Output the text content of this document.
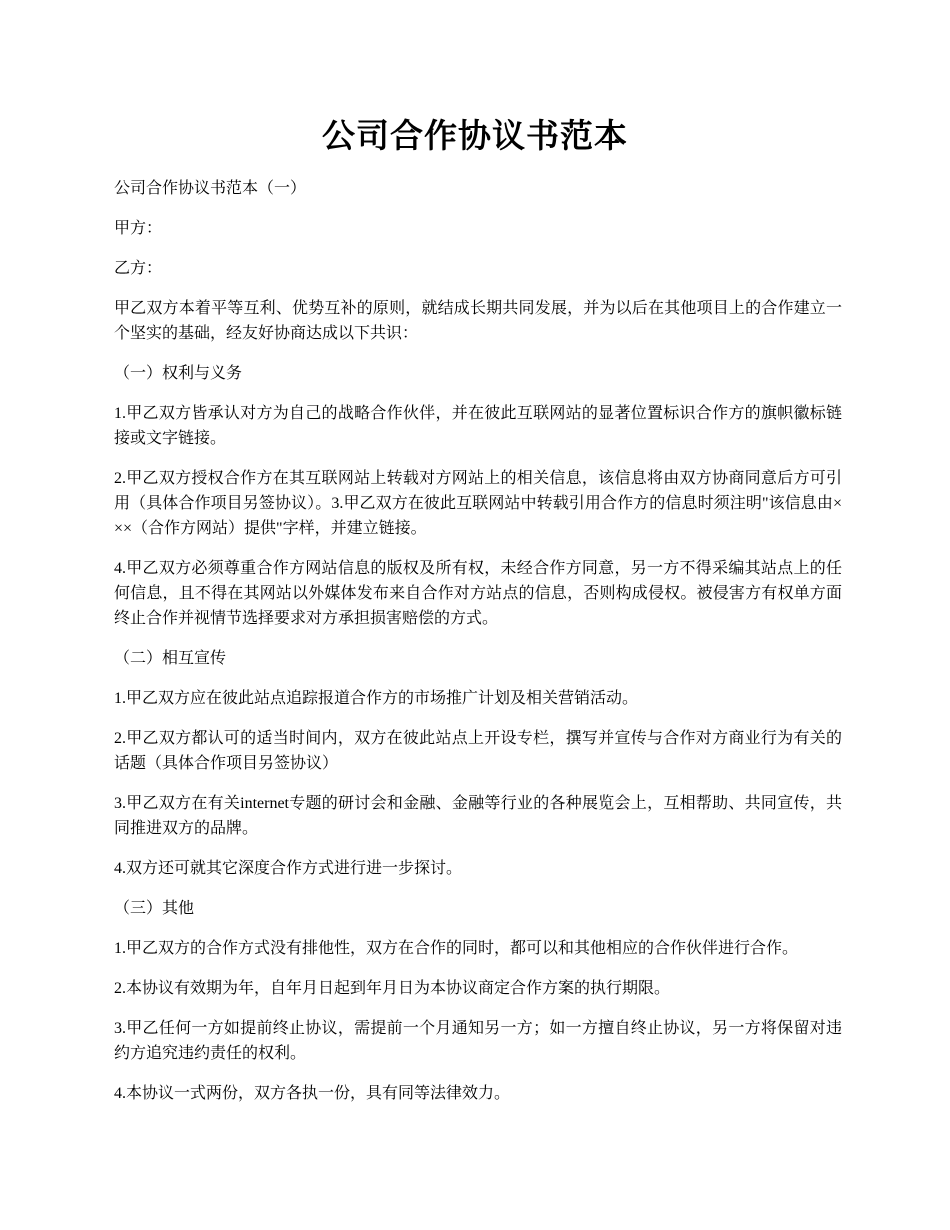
公司合作协议书范本

公司合作协议书范本（一）

甲方：

乙方：

甲乙双方本着平等互利、优势互补的原则，就结成长期共同发展，并为以后在其他项目上的合作建立一个坚实的基础，经友好协商达成以下共识：

（一）权利与义务

1.甲乙双方皆承认对方为自己的战略合作伙伴，并在彼此互联网站的显著位置标识合作方的旗帜徽标链接或文字链接。

2.甲乙双方授权合作方在其互联网站上转载对方网站上的相关信息，该信息将由双方协商同意后方可引用（具体合作项目另签协议）。3.甲乙双方在彼此互联网站中转载引用合作方的信息时须注明"该信息由×××（合作方网站）提供"字样，并建立链接。

4.甲乙双方必须尊重合作方网站信息的版权及所有权，未经合作方同意，另一方不得采编其站点上的任何信息，且不得在其网站以外媒体发布来自合作对方站点的信息，否则构成侵权。被侵害方有权单方面终止合作并视情节选择要求对方承担损害赔偿的方式。

（二）相互宣传

1.甲乙双方应在彼此站点追踪报道合作方的市场推广计划及相关营销活动。

2.甲乙双方都认可的适当时间内，双方在彼此站点上开设专栏，撰写并宣传与合作对方商业行为有关的话题（具体合作项目另签协议）

3.甲乙双方在有关internet专题的研讨会和金融、金融等行业的各种展览会上，互相帮助、共同宣传，共同推进双方的品牌。

4.双方还可就其它深度合作方式进行进一步探讨。

（三）其他

1.甲乙双方的合作方式没有排他性，双方在合作的同时，都可以和其他相应的合作伙伴进行合作。

2.本协议有效期为年，自年月日起到年月日为本协议商定合作方案的执行期限。

3.甲乙任何一方如提前终止协议，需提前一个月通知另一方；如一方擅自终止协议，另一方将保留对违约方追究违约责任的权利。

4.本协议一式两份，双方各执一份，具有同等法律效力。
